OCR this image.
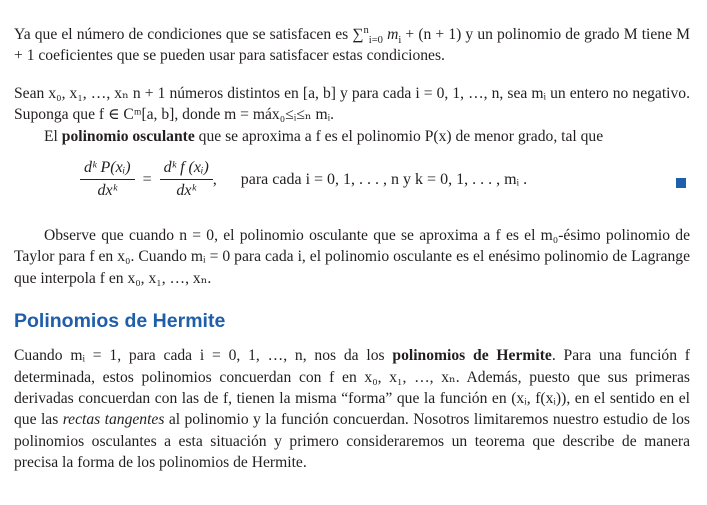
Ya que el número de condiciones que se satisfacen es ∑$^n_{i=0}$ $m_i + (n + 1)$ y un polinomio de grado M tiene M + 1 coeficientes que se pueden usar para satisfacer estas condiciones.

Sean x₀, x₁, …, xₙ n + 1 números distintos en [a, b] y para cada i = 0, 1, …, n, sea mᵢ un entero no negativo. Suponga que f ∈ Cᵐ[a, b], donde m = máx₀≤ᵢ≤ₙ mᵢ.

El polinomio osculante que se aproxima a f es el polinomio P(x) de menor grado, tal que

$\frac{\text{dᵏ P(xᵢ)}}{\text{dxᵏ}} = \frac{\text{dᵏ f (xᵢ)}}{\text{dxᵏ}}$ , para cada i = 0, 1, . . . , n y k = 0, 1, . . . , mᵢ .

Observe que cuando n = 0, el polinomio osculante que se aproxima a f es el m₀-ésimo polinomio de Taylor para f en x₀. Cuando mᵢ = 0 para cada i, el polinomio osculante es el enésimo polinomio de Lagrange que interpola f en x₀, x₁, …, xₙ.

Polinomios de Hermite

Cuando mᵢ = 1, para cada i = 0, 1, …, n, nos da los polinomios de Hermite. Para una función f determinada, estos polinomios concuerdan con f en x₀, x₁, …, xₙ. Además, puesto que sus primeras derivadas concuerdan con las de f, tienen la misma “forma” que la función en (xᵢ, f(xᵢ)), en el sentido en el que las rectas tangentes al polinomio y la función concuerdan. Nosotros limitaremos nuestro estudio de los polinomios osculantes a esta situación y primero consideraremos un teorema que describe de manera precisa la forma de los polinomios de Hermite.
